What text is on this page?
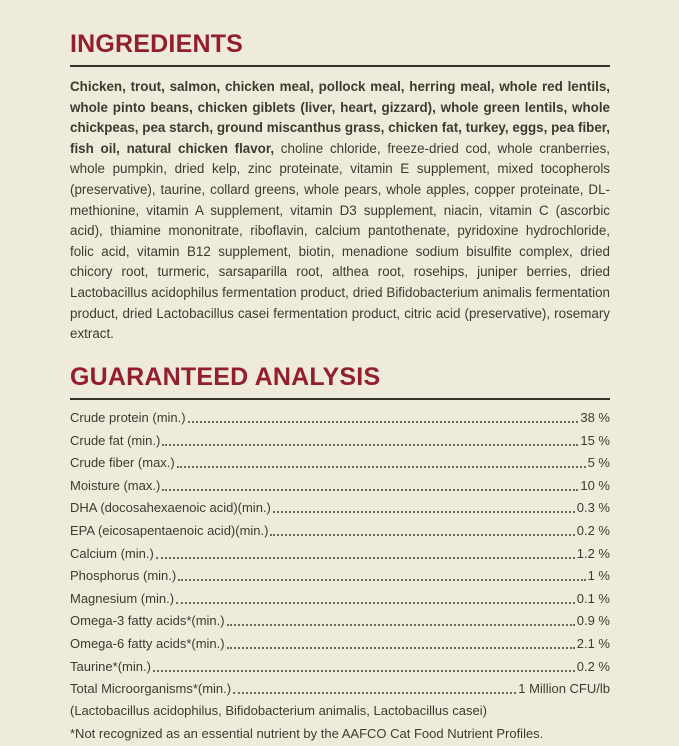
INGREDIENTS

Chicken, trout, salmon, chicken meal, pollock meal, herring meal, whole red lentils, whole pinto beans, chicken giblets (liver, heart, gizzard), whole green lentils, whole chickpeas, pea starch, ground miscanthus grass, chicken fat, turkey, eggs, pea fiber, fish oil, natural chicken flavor, choline chloride, freeze-dried cod, whole cranberries, whole pumpkin, dried kelp, zinc proteinate, vitamin E supplement, mixed tocopherols (preservative), taurine, collard greens, whole pears, whole apples, copper proteinate, DL-methionine, vitamin A supplement, vitamin D3 supplement, niacin, vitamin C (ascorbic acid), thiamine mononitrate, riboflavin, calcium pantothenate, pyridoxine hydrochloride, folic acid, vitamin B12 supplement, biotin, menadione sodium bisulfite complex, dried chicory root, turmeric, sarsaparilla root, althea root, rosehips, juniper berries, dried Lactobacillus acidophilus fermentation product, dried Bifidobacterium animalis fermentation product, dried Lactobacillus casei fermentation product, citric acid (preservative), rosemary extract.

GUARANTEED ANALYSIS
Crude protein (min.)	38 %
Crude fat (min.)	15 %
Crude fiber (max.)	5 %
Moisture (max.)	10 %
DHA (docosahexaenoic acid)(min.)	0.3 %
EPA (eicosapentaenoic acid)(min.)	0.2 %
Calcium (min.)	1.2 %
Phosphorus (min.)	1 %
Magnesium (min.)	0.1 %
Omega-3 fatty acids*(min.)	0.9 %
Omega-6 fatty acids*(min.)	2.1 %
Taurine*(min.)	0.2 %
Total Microorganisms*(min.)	1 Million CFU/lb

(Lactobacillus acidophilus, Bifidobacterium animalis, Lactobacillus casei)

*Not recognized as an essential nutrient by the AAFCO Cat Food Nutrient Profiles.
